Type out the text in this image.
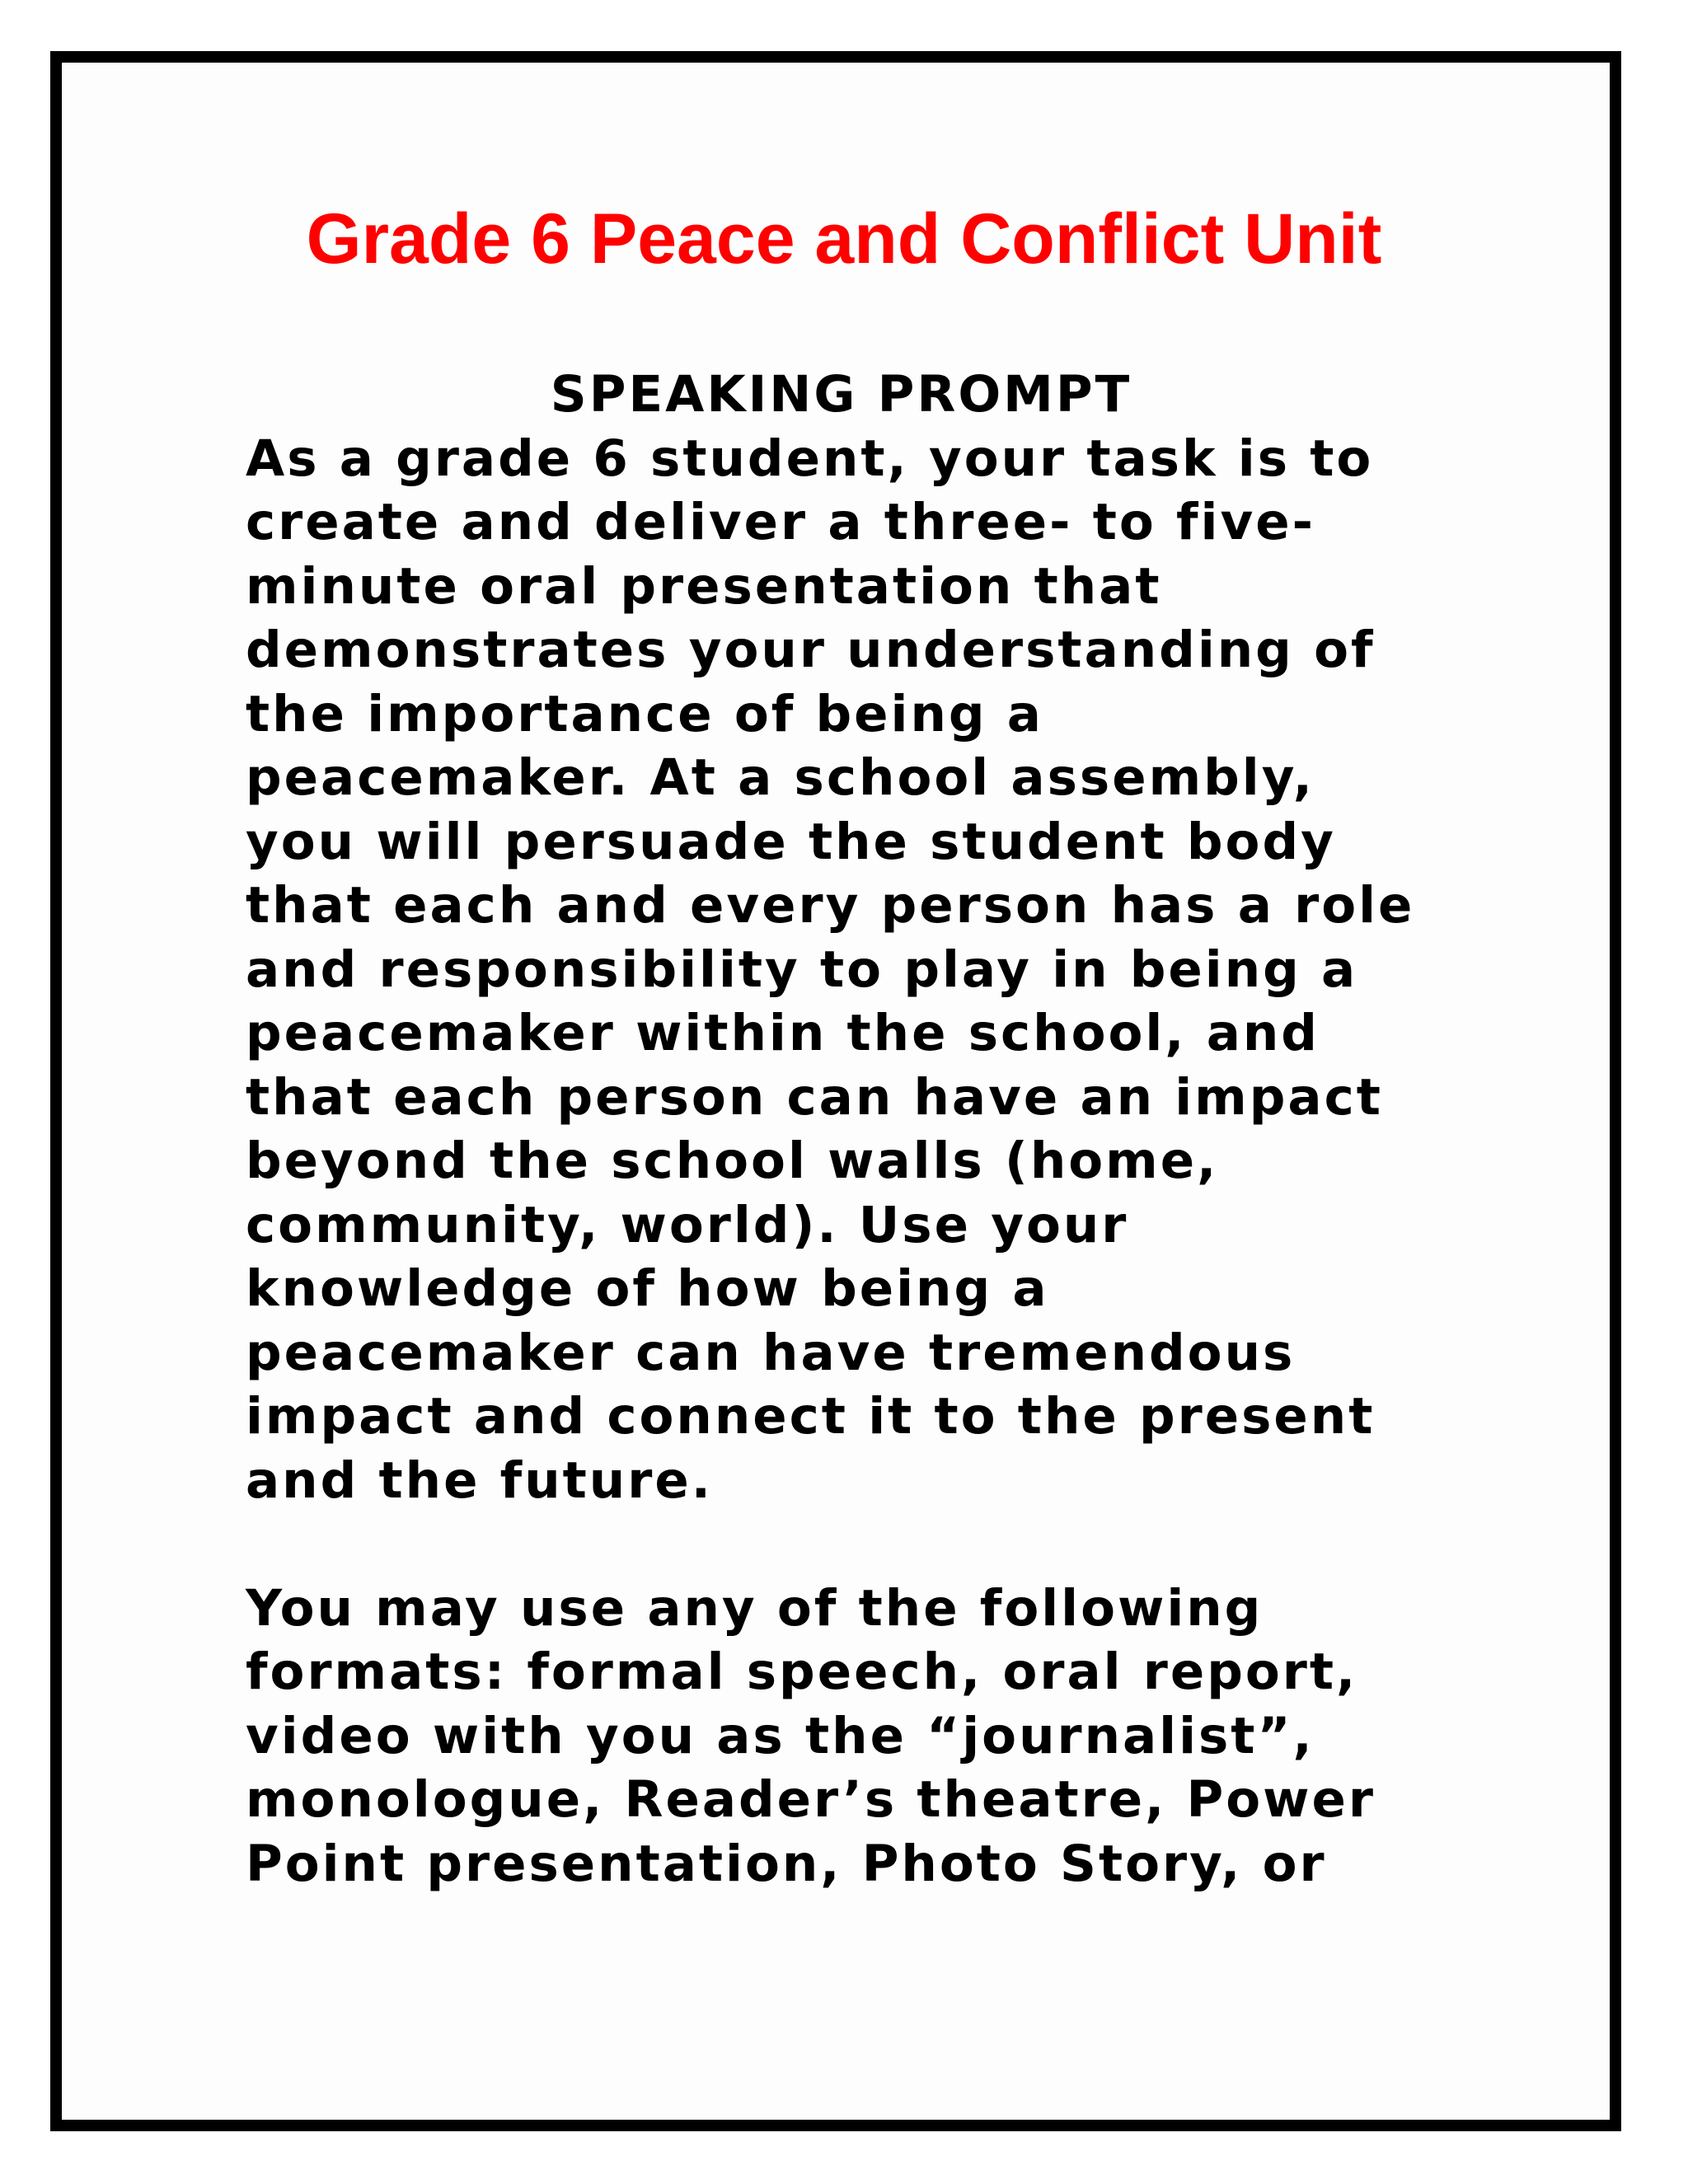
Grade 6 Peace and Conflict Unit
SPEAKING PROMPT
As a grade 6 student, your task is to
create and deliver a three- to five-
minute oral presentation that
demonstrates your understanding of
the importance of being a
peacemaker. At a school assembly,
you will persuade the student body
that each and every person has a role
and responsibility to play in being a
peacemaker within the school, and
that each person can have an impact
beyond the school walls (home,
community, world). Use your
knowledge of how being a
peacemaker can have tremendous
impact and connect it to the present
and the future.
You may use any of the following
formats: formal speech, oral report,
video with you as the “journalist”,
monologue, Reader’s theatre, Power
Point presentation, Photo Story, or
